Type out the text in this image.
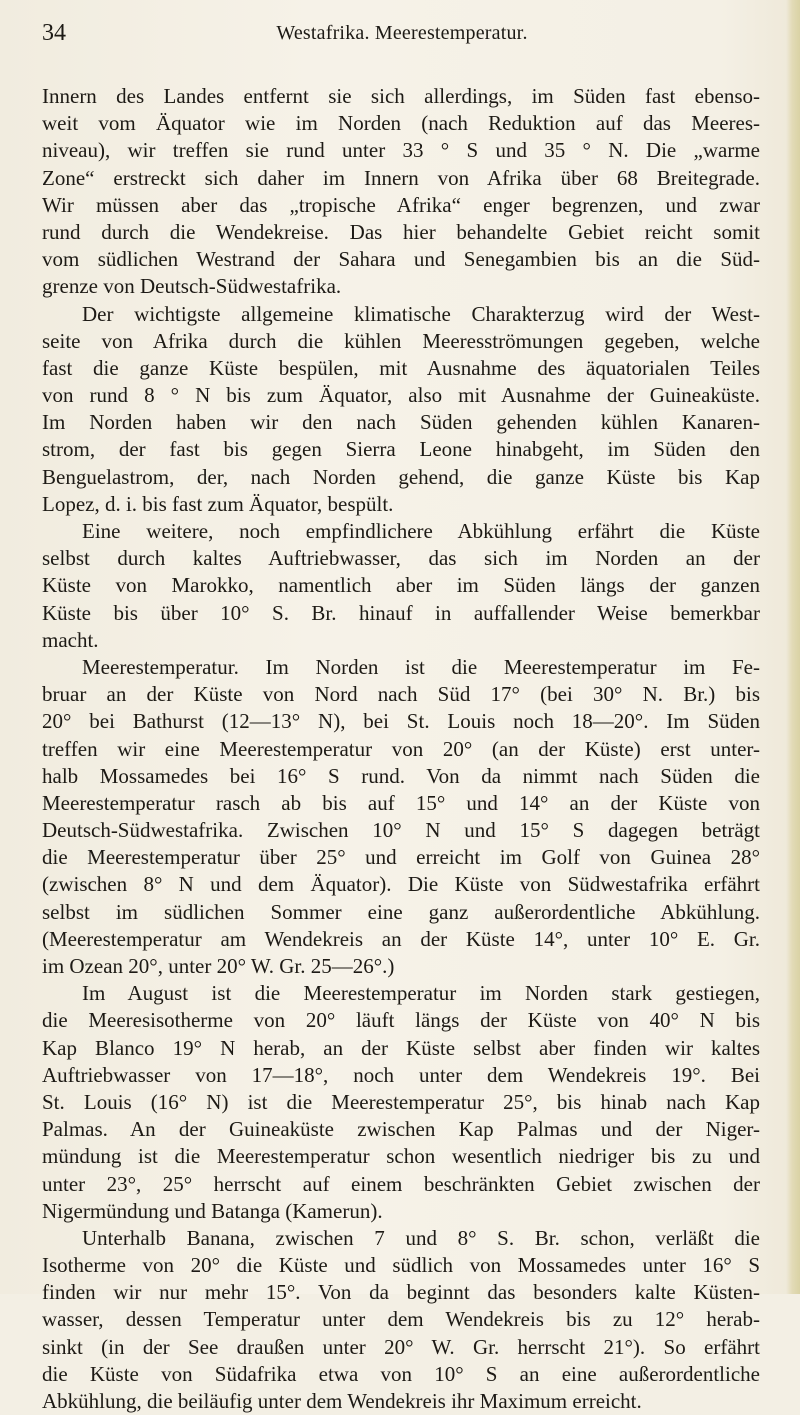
34	Westafrika. Meerestemperatur.
Innern des Landes entfernt sie sich allerdings, im Süden fast ebenso-
weit vom Äquator wie im Norden (nach Reduktion auf das Meeres-
niveau), wir treffen sie rund unter 33 ° S und 35 ° N. Die „warme
Zone“ erstreckt sich daher im Innern von Afrika über 68 Breitegrade.
Wir müssen aber das „tropische Afrika“ enger begrenzen, und zwar
rund durch die Wendekreise. Das hier behandelte Gebiet reicht somit
vom südlichen Westrand der Sahara und Senegambien bis an die Süd-
grenze von Deutsch-Südwestafrika.
Der wichtigste allgemeine klimatische Charakterzug wird der West-
seite von Afrika durch die kühlen Meeresströmungen gegeben, welche
fast die ganze Küste bespülen, mit Ausnahme des äquatorialen Teiles
von rund 8 ° N bis zum Äquator, also mit Ausnahme der Guineaküste.
Im Norden haben wir den nach Süden gehenden kühlen Kanaren-
strom, der fast bis gegen Sierra Leone hinabgeht, im Süden den
Benguelastrom, der, nach Norden gehend, die ganze Küste bis Kap
Lopez, d. i. bis fast zum Äquator, bespült.
Eine weitere, noch empfindlichere Abkühlung erfährt die Küste
selbst durch kaltes Auftriebwasser, das sich im Norden an der
Küste von Marokko, namentlich aber im Süden längs der ganzen
Küste bis über 10° S. Br. hinauf in auffallender Weise bemerkbar
macht.
Meerestemperatur. Im Norden ist die Meerestemperatur im Fe-
bruar an der Küste von Nord nach Süd 17° (bei 30° N. Br.) bis
20° bei Bathurst (12—13° N), bei St. Louis noch 18—20°. Im Süden
treffen wir eine Meerestemperatur von 20° (an der Küste) erst unter-
halb Mossamedes bei 16° S rund. Von da nimmt nach Süden die
Meerestemperatur rasch ab bis auf 15° und 14° an der Küste von
Deutsch-Südwestafrika. Zwischen 10° N und 15° S dagegen beträgt
die Meerestemperatur über 25° und erreicht im Golf von Guinea 28°
(zwischen 8° N und dem Äquator). Die Küste von Südwestafrika erfährt
selbst im südlichen Sommer eine ganz außerordentliche Abkühlung.
(Meerestemperatur am Wendekreis an der Küste 14°, unter 10° E. Gr.
im Ozean 20°, unter 20° W. Gr. 25—26°.)
Im August ist die Meerestemperatur im Norden stark gestiegen,
die Meeresisotherme von 20° läuft längs der Küste von 40° N bis
Kap Blanco 19° N herab, an der Küste selbst aber finden wir kaltes
Auftriebwasser von 17—18°, noch unter dem Wendekreis 19°. Bei
St. Louis (16° N) ist die Meerestemperatur 25°, bis hinab nach Kap
Palmas. An der Guineaküste zwischen Kap Palmas und der Niger-
mündung ist die Meerestemperatur schon wesentlich niedriger bis zu und
unter 23°, 25° herrscht auf einem beschränkten Gebiet zwischen der
Nigermündung und Batanga (Kamerun).
Unterhalb Banana, zwischen 7 und 8° S. Br. schon, verläßt die
Isotherme von 20° die Küste und südlich von Mossamedes unter 16° S
finden wir nur mehr 15°. Von da beginnt das besonders kalte Küsten-
wasser, dessen Temperatur unter dem Wendekreis bis zu 12° herab-
sinkt (in der See draußen unter 20° W. Gr. herrscht 21°). So erfährt
die Küste von Südafrika etwa von 10° S an eine außerordentliche
Abkühlung, die beiläufig unter dem Wendekreis ihr Maximum erreicht.
